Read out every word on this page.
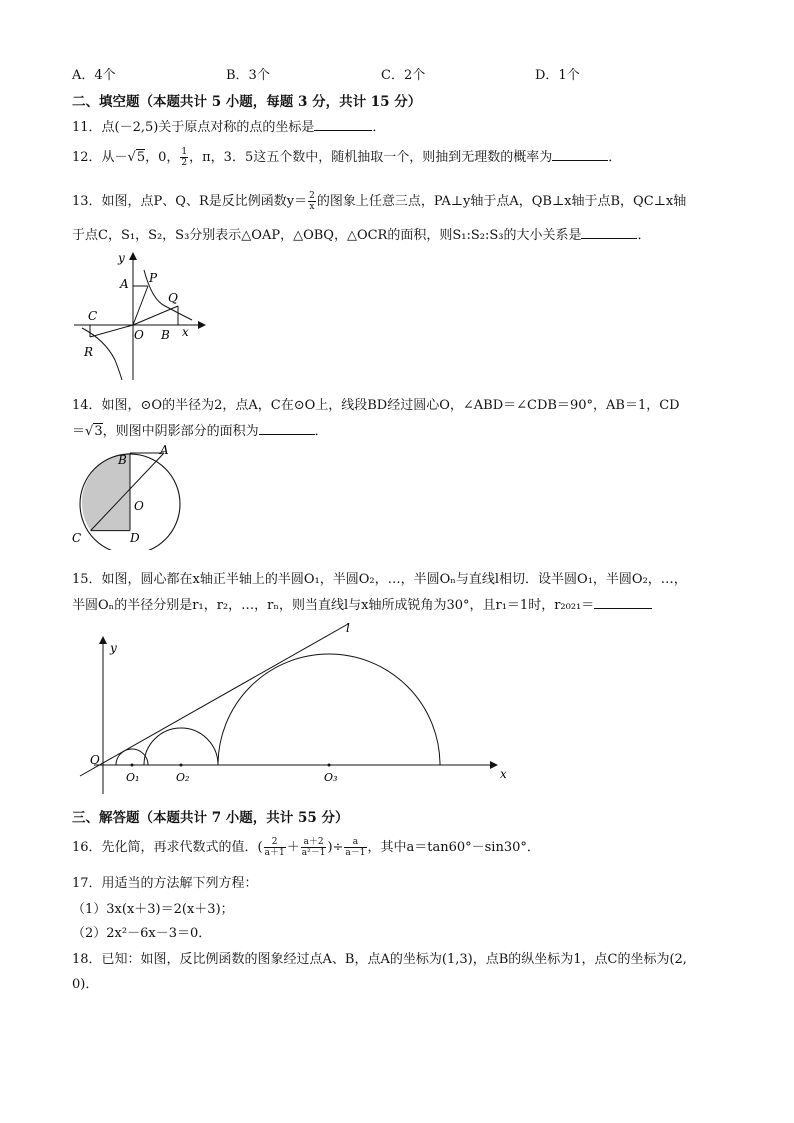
A．4个	B．3个	C．2个	D．1个
二、填空题（本题共计 5 小题，每题 3 分，共计 15 分）
11．点(－2,5)关于原点对称的点的坐标是	．
12．从－√5，0， $\frac{1}{2}$ ，π，3．5这五个数中，随机抽取一个，则抽到无理数的概率为	．
13．如图，点P、Q、R是反比例函数$y= \frac{2}{x}$ 的图象上任意三点，PA⊥y轴于点A，QB⊥x轴于点B，QC⊥x轴
于点C，S₁，S₂，S₃分别表示△OAP，△OBQ，△OCR的面积，则S₁:S₂:S₃的大小关系是	．
y
A P
Q
C
O B x
R
14．如图，⊙O的半径为2，点A，C在⊙O上，线段BD经过圆心O，∠ABD＝∠CDB＝90°，AB＝1，CD
＝√3，则图中阴影部分的面积为	．
B
A
O
C	D
15．如图，圆心都在x轴正半轴上的半圆O₁，半圆O₂，…，半圆Oₙ与直线l相切．设半圆O₁，半圆O₂，…，
半圆Oₙ的半径分别是r₁，r₂，…，rₙ，则当直线l与x轴所成锐角为30°，且r₁＝1时，r₂₀₂₁＝
y
l
O
O₁	O₂	O₃	x
三、解答题（本题共计 7 小题，共计 55 分）
16．先化简，再求代数式的值．( $\frac{2}{a+1} + \frac{a+2}{\text{a²－1}}$ )÷ $\frac{a}{a-1}$ ，其中a＝tan60°－sin30°．
17．用适当的方法解下列方程：
（1）3x(x＋3)＝2(x＋3)；
（2）2x²－6x－3＝0．
18．已知：如图，反比例函数的图象经过点A、B，点A的坐标为(1,3)，点B的纵坐标为1，点C的坐标为(2,
0)．
